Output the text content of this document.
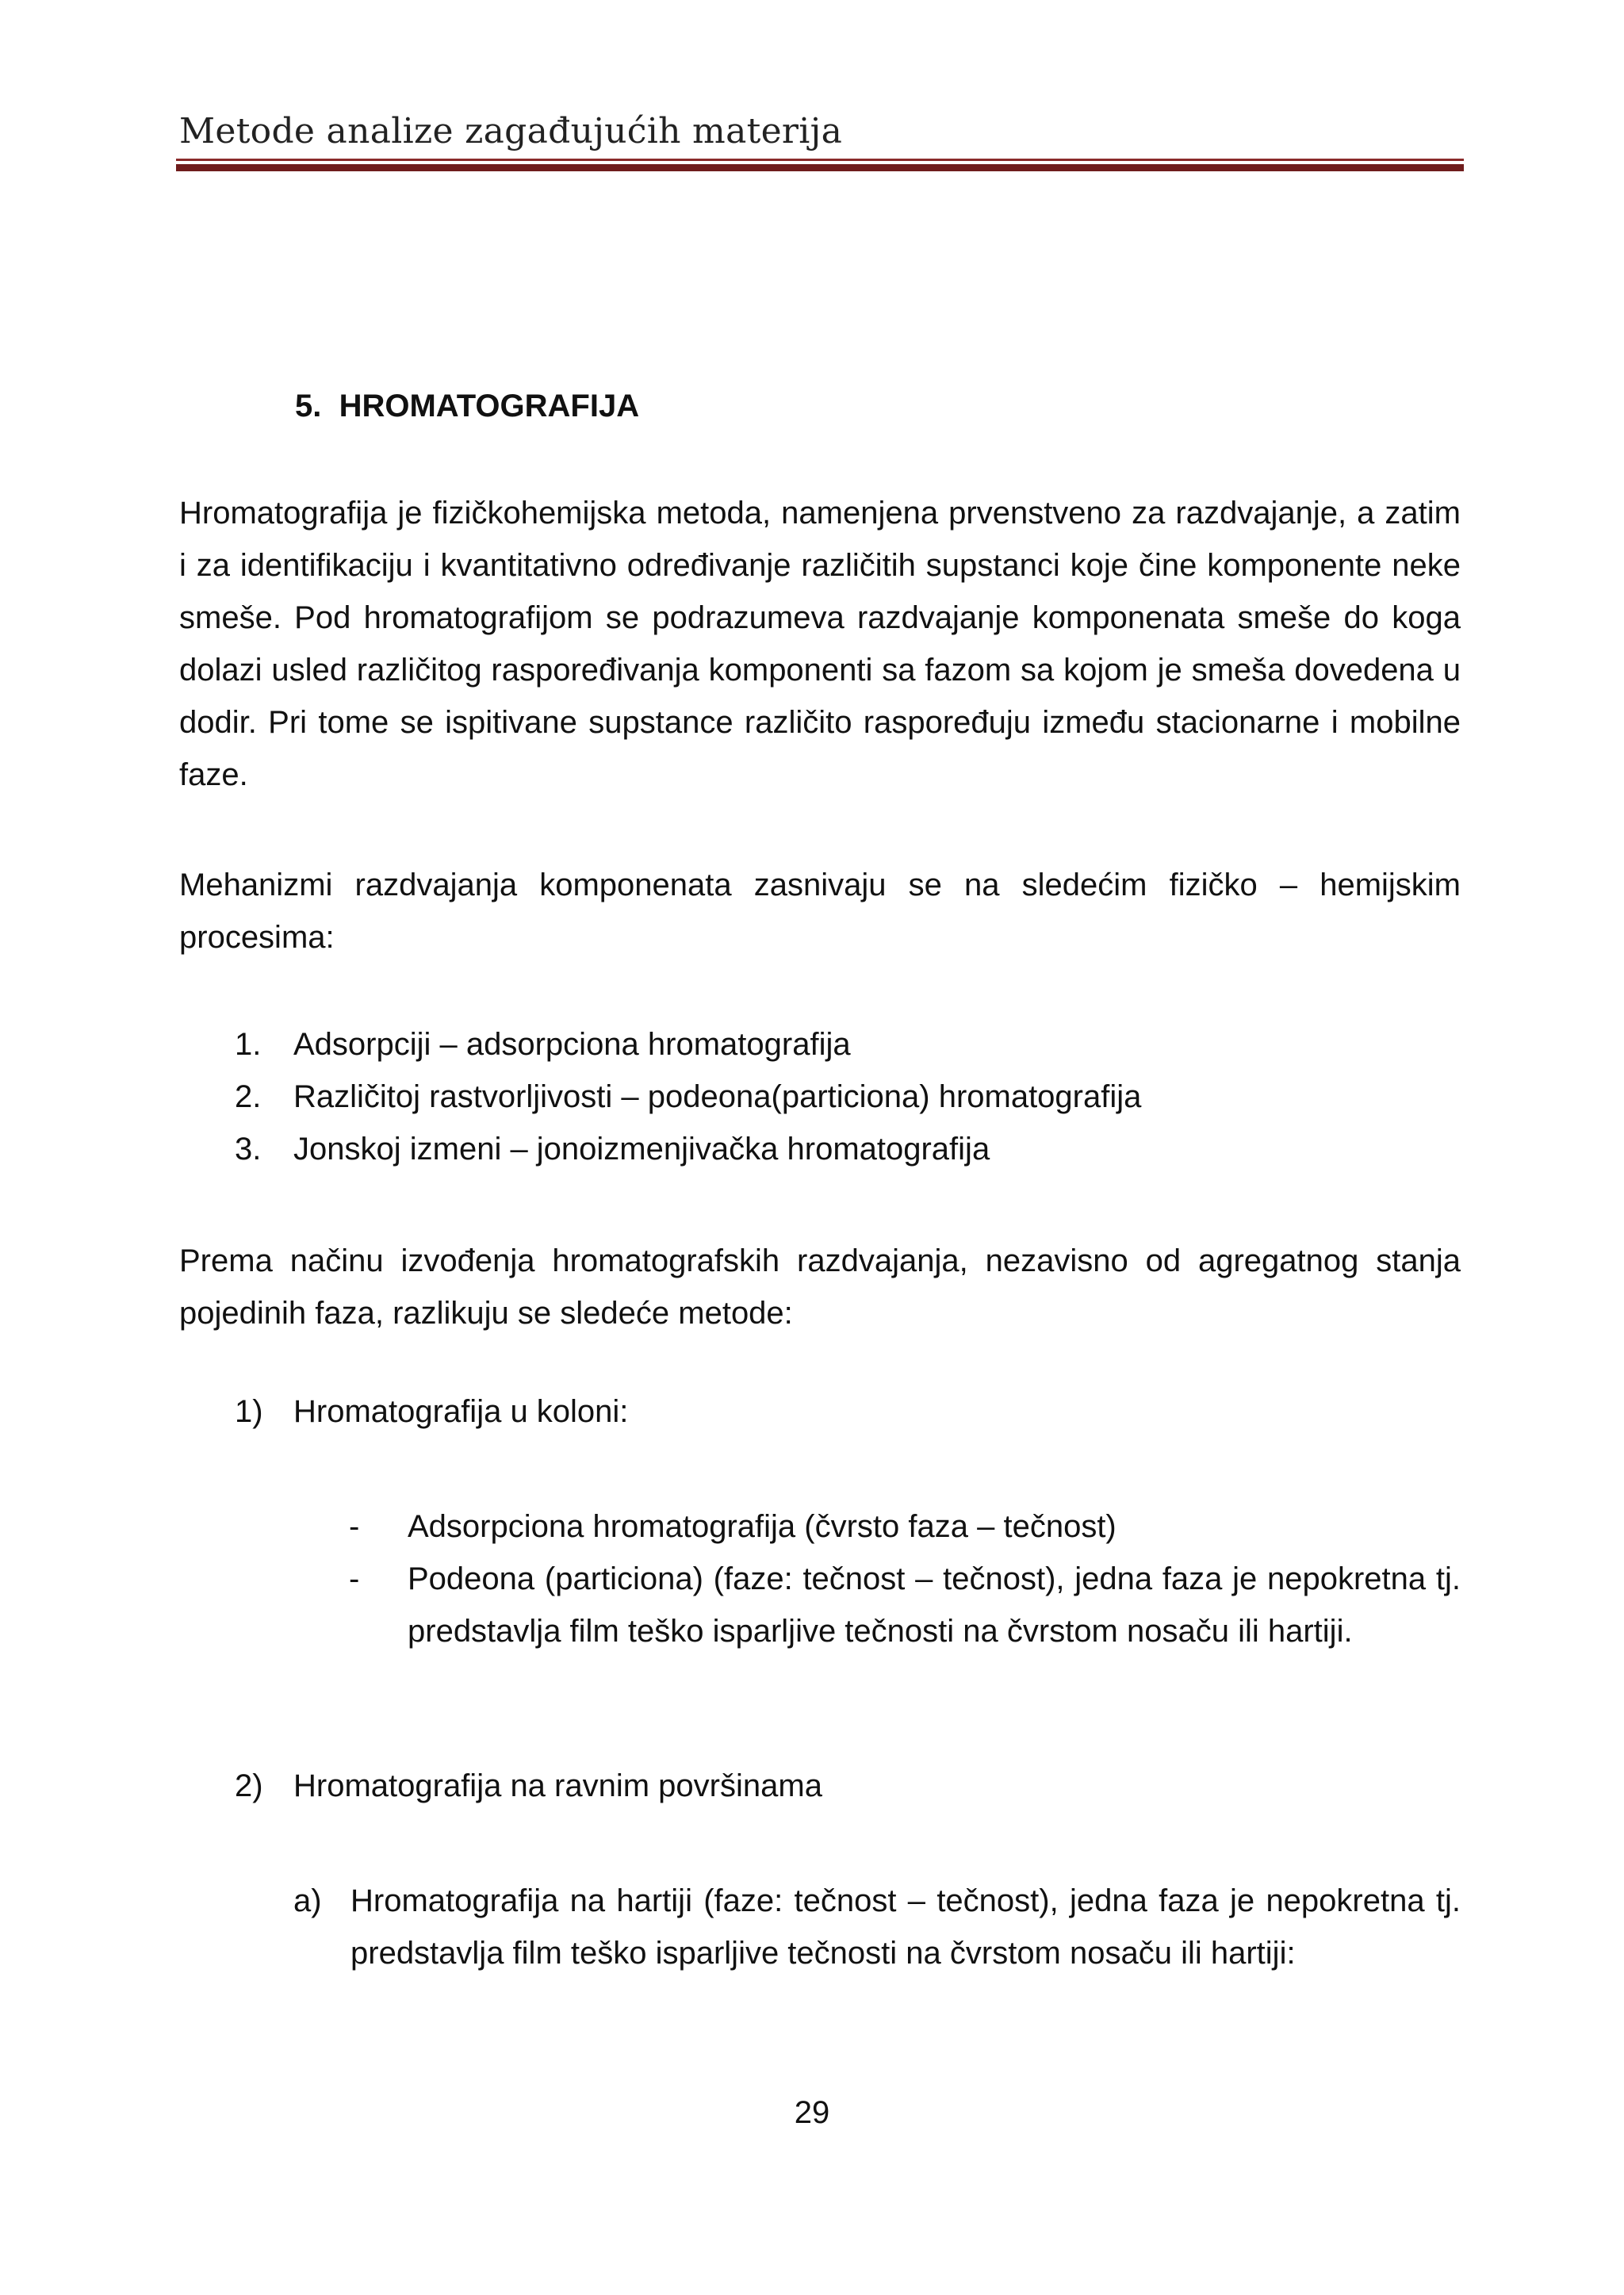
Metode analize zagađujućih materija
5. HROMATOGRAFIJA

Hromatografija je fizičkohemijska metoda, namenjena prvenstveno za razdvajanje, a zatim i za identifikaciju i kvantitativno određivanje različitih supstanci koje čine komponente neke smeše. Pod hromatografijom se podrazumeva razdvajanje komponenata smeše do koga dolazi usled različitog raspoređivanja komponenti sa fazom sa kojom je smeša dovedena u dodir. Pri tome se ispitivane supstance različito raspoređuju između stacionarne i mobilne faze.

Mehanizmi razdvajanja komponenata zasnivaju se na sledećim fizičko – hemijskim procesima:

1. Adsorpciji – adsorpciona hromatografija
2. Različitoj rastvorljivosti – podeona(particiona) hromatografija
3. Jonskoj izmeni – jonoizmenjivačka hromatografija

Prema načinu izvođenja hromatografskih razdvajanja, nezavisno od agregatnog stanja pojedinih faza, razlikuju se sledeće metode:

1) Hromatografija u koloni:
- Adsorpciona hromatografija (čvrsto faza – tečnost)
- Podeona (particiona) (faze: tečnost – tečnost), jedna faza je nepokretna tj. predstavlja film teško isparljive tečnosti na čvrstom nosaču ili hartiji.
2) Hromatografija na ravnim površinama
a) Hromatografija na hartiji (faze: tečnost – tečnost), jedna faza je nepokretna tj. predstavlja film teško isparljive tečnosti na čvrstom nosaču ili hartiji:
29
